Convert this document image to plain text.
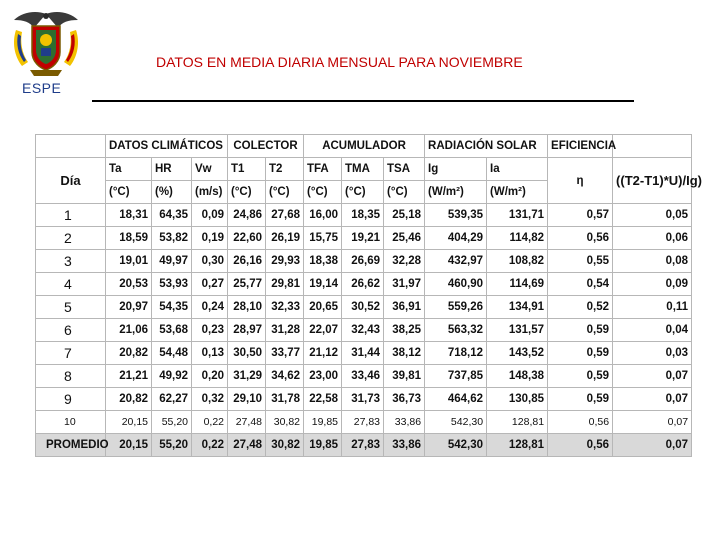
ESPE
DATOS EN MEDIA DIARIA MENSUAL PARA NOVIEMBRE
	DATOS CLIMÁTICOS			COLECTOR		ACUMULADOR			RADIACIÓN SOLAR		EFICIENCIA	
Día	Ta	HR	Vw	T1	T2	TFA	TMA	TSA	Ig	Ia	η	((T2-T1)*U)/Ig)
	(°C)	(%)	(m/s)	(°C)	(°C)	(°C)	(°C)	(°C)	(W/m²)	(W/m²)		
1	18,31	64,35	0,09	24,86	27,68	16,00	18,35	25,18	539,35	131,71	0,57	0,05
2	18,59	53,82	0,19	22,60	26,19	15,75	19,21	25,46	404,29	114,82	0,56	0,06
3	19,01	49,97	0,30	26,16	29,93	18,38	26,69	32,28	432,97	108,82	0,55	0,08
4	20,53	53,93	0,27	25,77	29,81	19,14	26,62	31,97	460,90	114,69	0,54	0,09
5	20,97	54,35	0,24	28,10	32,33	20,65	30,52	36,91	559,26	134,91	0,52	0,11
6	21,06	53,68	0,23	28,97	31,28	22,07	32,43	38,25	563,32	131,57	0,59	0,04
7	20,82	54,48	0,13	30,50	33,77	21,12	31,44	38,12	718,12	143,52	0,59	0,03
8	21,21	49,92	0,20	31,29	34,62	23,00	33,46	39,81	737,85	148,38	0,59	0,07
9	20,82	62,27	0,32	29,10	31,78	22,58	31,73	36,73	464,62	130,85	0,59	0,07
10	20,15	55,20	0,22	27,48	30,82	19,85	27,83	33,86	542,30	128,81	0,56	0,07
PROMEDIO	20,15	55,20	0,22	27,48	30,82	19,85	27,83	33,86	542,30	128,81	0,56	0,07
